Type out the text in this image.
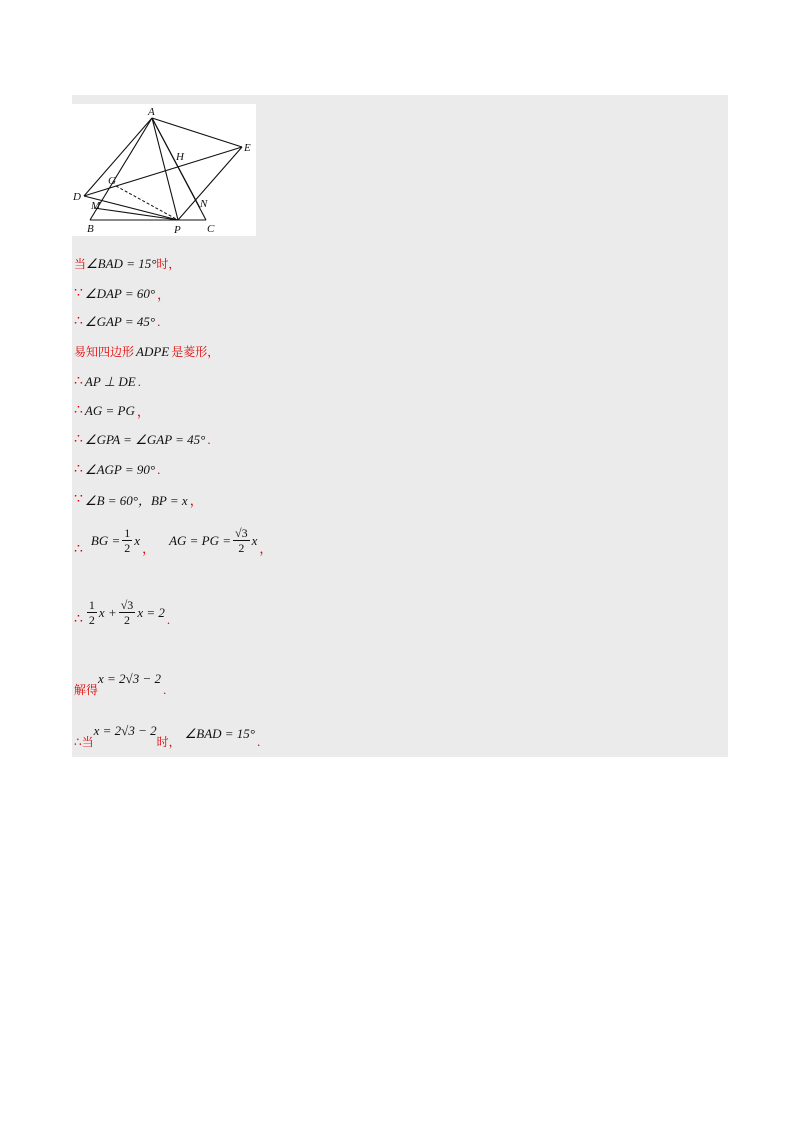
A
E
H
D
G
M
B	P
N
C
当 ∠BAD = 15° 时，
∵ ∠DAP = 60° ，
∴ ∠GAP = 45° .
易知四边形 ADPE 是菱形，
∴ AP ⊥ DE .
∴ AG = PG ，
∴ ∠GPA = ∠GAP = 45° .
∴ ∠AGP = 90° .
∵ ∠B = 60°，BP = x ，
∴
BG = $\frac{1}{2}$ x
，
AG = PG = $\frac{√3}{2}$ x
，
∴ $\frac{1}{2}$ $x + \frac{√3}{2}$ x = 2 .
解得
x = 2√3 − 2
.
∴当
x = 2√3 − 2
时，
∠BAD = 15°
.
